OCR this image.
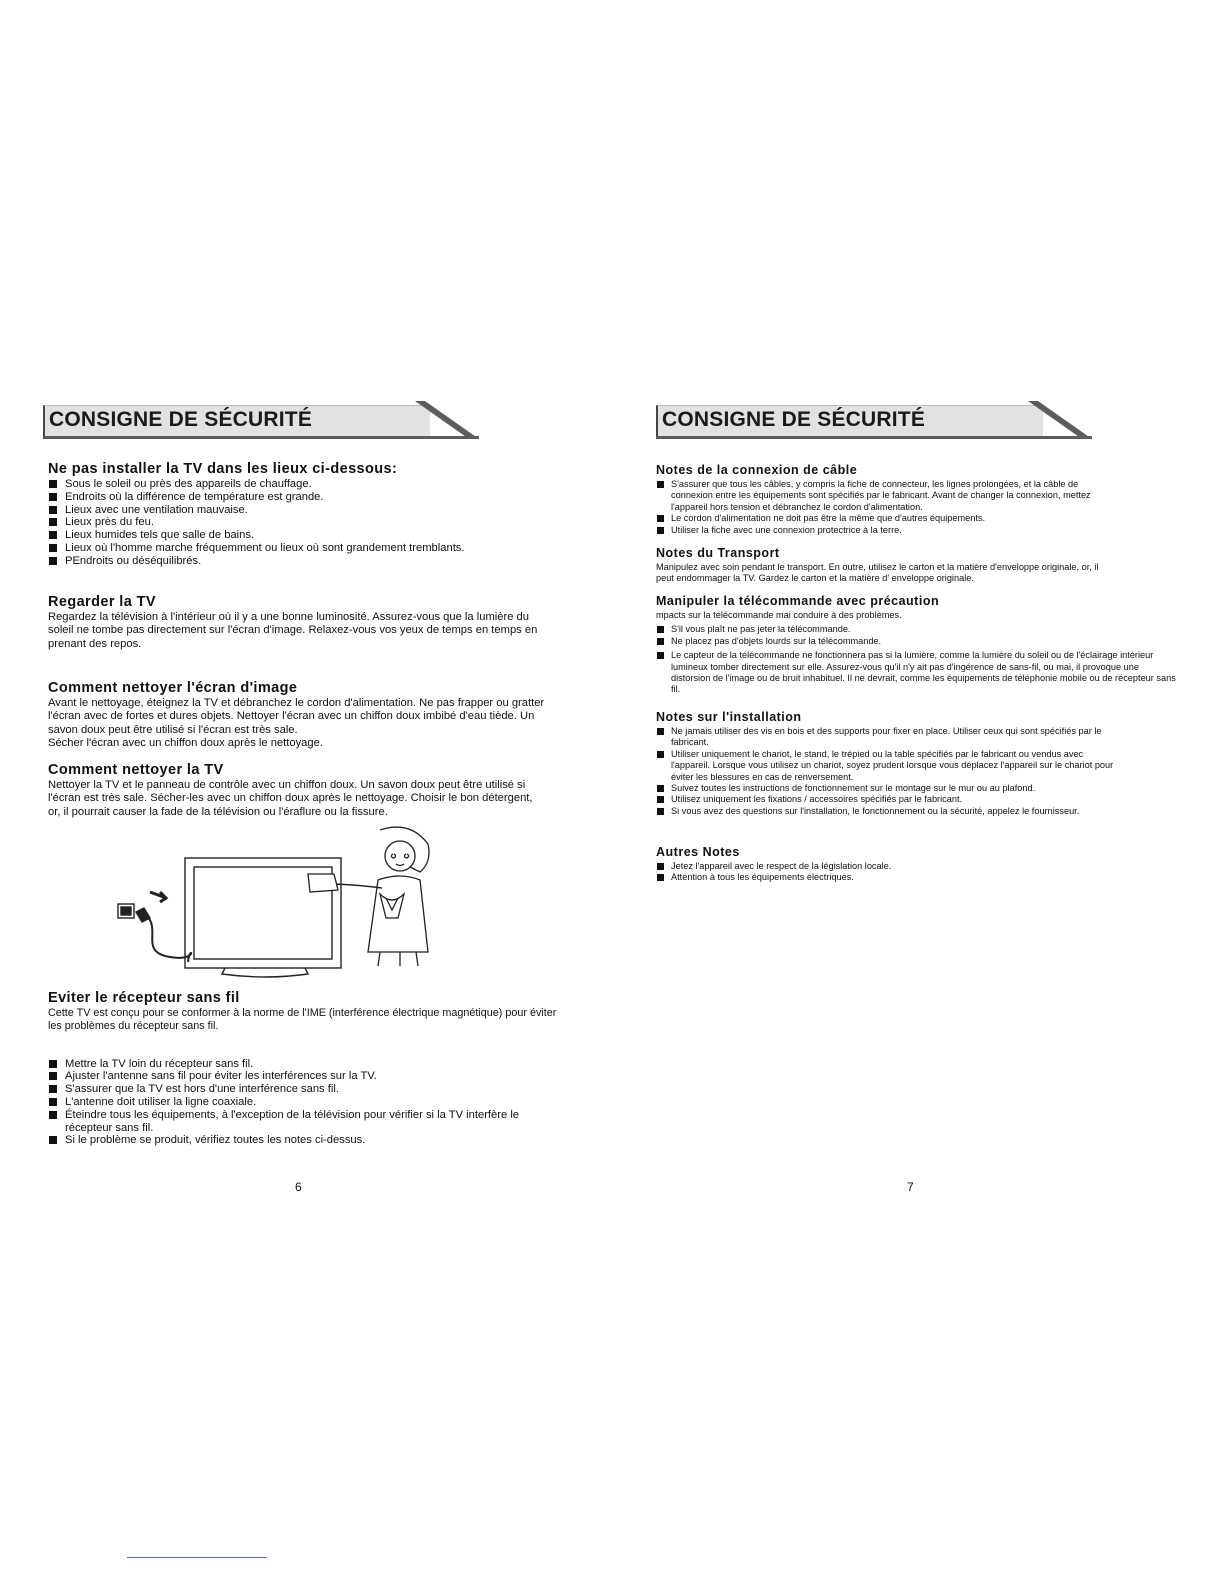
CONSIGNE DE SÉCURITÉ
Ne pas installer la TV dans les lieux ci-dessous:
Sous le soleil ou près des appareils de chauffage.
Endroits où la différence de température est grande.
Lieux avec une ventilation mauvaise.
Lieux près du feu.
Lieux humides tels que salle de bains.
Lieux où l'homme marche fréquemment ou lieux où sont grandement tremblants.
PEndroits ou déséquilibrés.
Regarder la TV

Regardez la télévision à l'intérieur où il y a une bonne luminosité. Assurez-vous que la lumière du soleil ne tombe pas directement sur l'écran d'image. Relaxez-vous vos yeux de temps en temps en prenant des repos.

Comment nettoyer l'écran d'image

Avant le nettoyage, éteignez la TV et débranchez le cordon d'alimentation. Ne pas frapper ou gratter l'écran avec de fortes et dures objets. Nettoyer l'écran avec un chiffon doux imbibé d'eau tiède. Un savon doux peut être utilisé si l'écran est très sale.

Sécher l'écran avec un chiffon doux après le nettoyage.

Comment nettoyer la TV

Nettoyer la TV et le panneau de contrôle avec un chiffon doux. Un savon doux peut être utilisé si l'écran est très sale. Sécher-les avec un chiffon doux après le nettoyage. Choisir le bon détergent, or, il pourrait causer la fade de la télévision ou l'éraflure ou la fissure.

Eviter le récepteur sans fil

Cette TV est conçu pour se conformer à la norme de l'IME (interférence électrique magnétique) pour éviter les problèmes du récepteur sans fil.

Mettre la TV loin du récepteur sans fil.
Ajuster l'antenne sans fil pour éviter les interférences sur la TV.
S'assurer que la TV est hors d'une interférence sans fil.
L'antenne doit utiliser la ligne coaxiale.
Éteindre tous les équipements, à l'exception de la télévision pour vérifier si la TV interfère le récepteur sans fil.
Si le problème se produit, vérifiez toutes les notes ci-dessus.
6
CONSIGNE DE SÉCURITÉ
Notes de la connexion de câble
S'assurer que tous les câbles, y compris la fiche de connecteur, les lignes prolongées, et la câble de connexion entre les équipements sont spécifiés par le fabricant. Avant de changer la connexion, mettez l'appareil hors tension et débranchez le cordon d'alimentation.
Le cordon d'alimentation ne doit pas être la même que d'autres équipements.
Utiliser la fiche avec une connexion protectrice à la terre.
Notes du Transport

Manipulez avec soin pendant le transport. En outre, utilisez le carton et la matière d'enveloppe originale, or, il peut endommager la TV. Gardez le carton et la matière d' enveloppe originale.

Manipuler la télécommande avec précaution

mpacts sur la télécommande mai conduire à des problèmes.

S'il vous plaît ne pas jeter la télécommande.
Ne placez pas d'objets lourds sur la télécommande.
Le capteur de la télécommande ne fonctionnera pas si la lumière, comme la lumière du soleil ou de l'éclairage intérieur lumineux tomber directement sur elle. Assurez-vous qu'il n'y ait pas d'ingérence de sans-fil, ou mai, il provoque une distorsion de l'image ou de bruit inhabituel. Il ne devrait, comme les équipements de téléphonie mobile ou de récepteur sans fil.
Notes sur l'installation
Ne jamais utiliser des vis en bois et des supports pour fixer en place. Utiliser ceux qui sont spécifiés par le fabricant.
Utiliser uniquement le chariot, le stand, le trépied ou la table spécifiés par le fabricant ou vendus avec l'appareil. Lorsque vous utilisez un chariot, soyez prudent lorsque vous déplacez l'appareil sur le chariot pour éviter les blessures en cas de renversement.
Suivez toutes les instructions de fonctionnement sur le montage sur le mur ou au plafond.
Utilisez uniquement les fixations / accessoires spécifiés par le fabricant.
Si vous avez des questions sur l'installation, le fonctionnement ou la sécurité, appelez le fournisseur.
Autres Notes
Jetez l'appareil avec le respect de la législation locale.
Attention à tous les équipements électriques.
7
